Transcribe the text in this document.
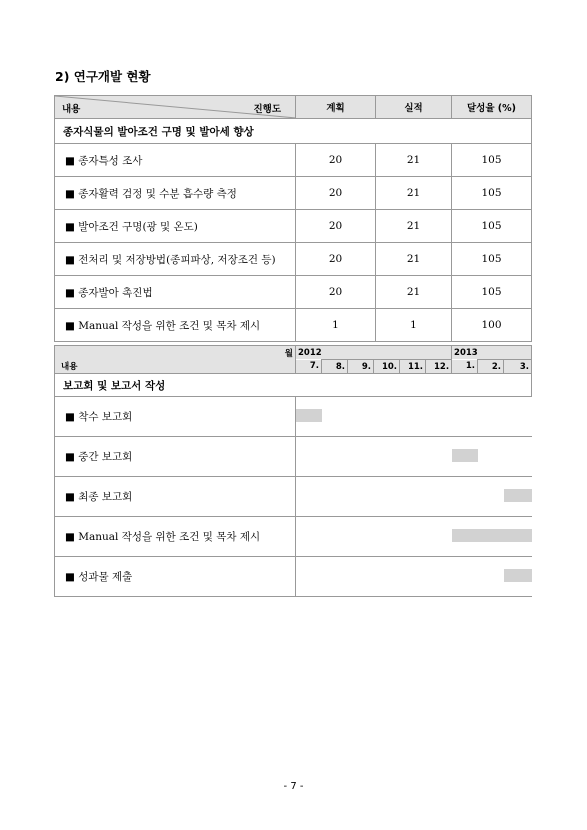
2) 연구개발 현황
내용 진행도	계획	실적	달성율 (%)
종자식물의 발아조건 구명 및 발아세 향상			
■ 종자특성 조사	20	21	105
■ 종자활력 검정 및 수분 흡수량 측정	20	21	105
■ 발아조건 구명(광 및 온도)	20	21	105
■ 전처리 및 저장방법(종피파상, 저장조건 등)	20	21	105
■ 종자발아 촉진법	20	21	105
■ Manual 작성을 위한 조건 및 목차 제시	1	1	100
월	2012						2013		
내용	7.	8.	9.	10.	11.	12.	1.	2.	3.
보고회 및 보고서 작성									
■ 착수 보고회	

■ 중간 보고회							

■ 최종 보고회									

■ Manual 작성을 위한 조건 및 목차 제시							

■ 성과물 제출									
- 7 -
